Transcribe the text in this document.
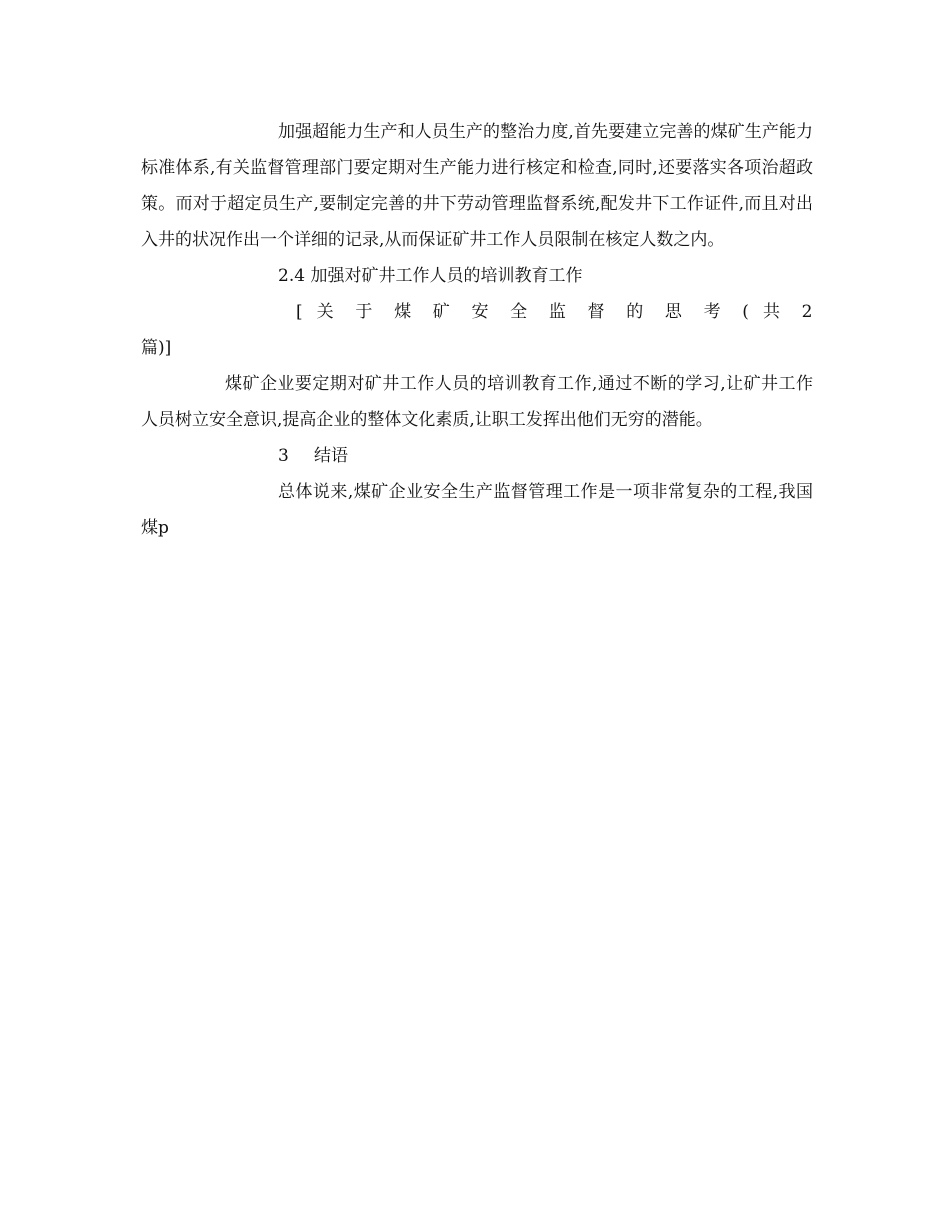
加强超能力生产和人员生产的整治力度,首先要建立完善的煤矿生产能力标准体系,有关监督管理部门要定期对生产能力进行核定和检查,同时,还要落实各项治超政策。而对于超定员生产,要制定完善的井下劳动管理监督系统,配发井下工作证件,而且对出入井的状况作出一个详细的记录,从而保证矿井工作人员限制在核定人数之内。

2.4 加强对矿井工作人员的培训教育工作

[ 关 于 煤 矿 安 全 监 督 的 思 考 ( 共 2

篇)]

煤矿企业要定期对矿井工作人员的培训教育工作,通过不断的学习,让矿井工作人员树立安全意识,提高企业的整体文化素质,让职工发挥出他们无穷的潜能。

3 结语

总体说来,煤矿企业安全生产监督管理工作是一项非常复杂的工程,我国煤p
